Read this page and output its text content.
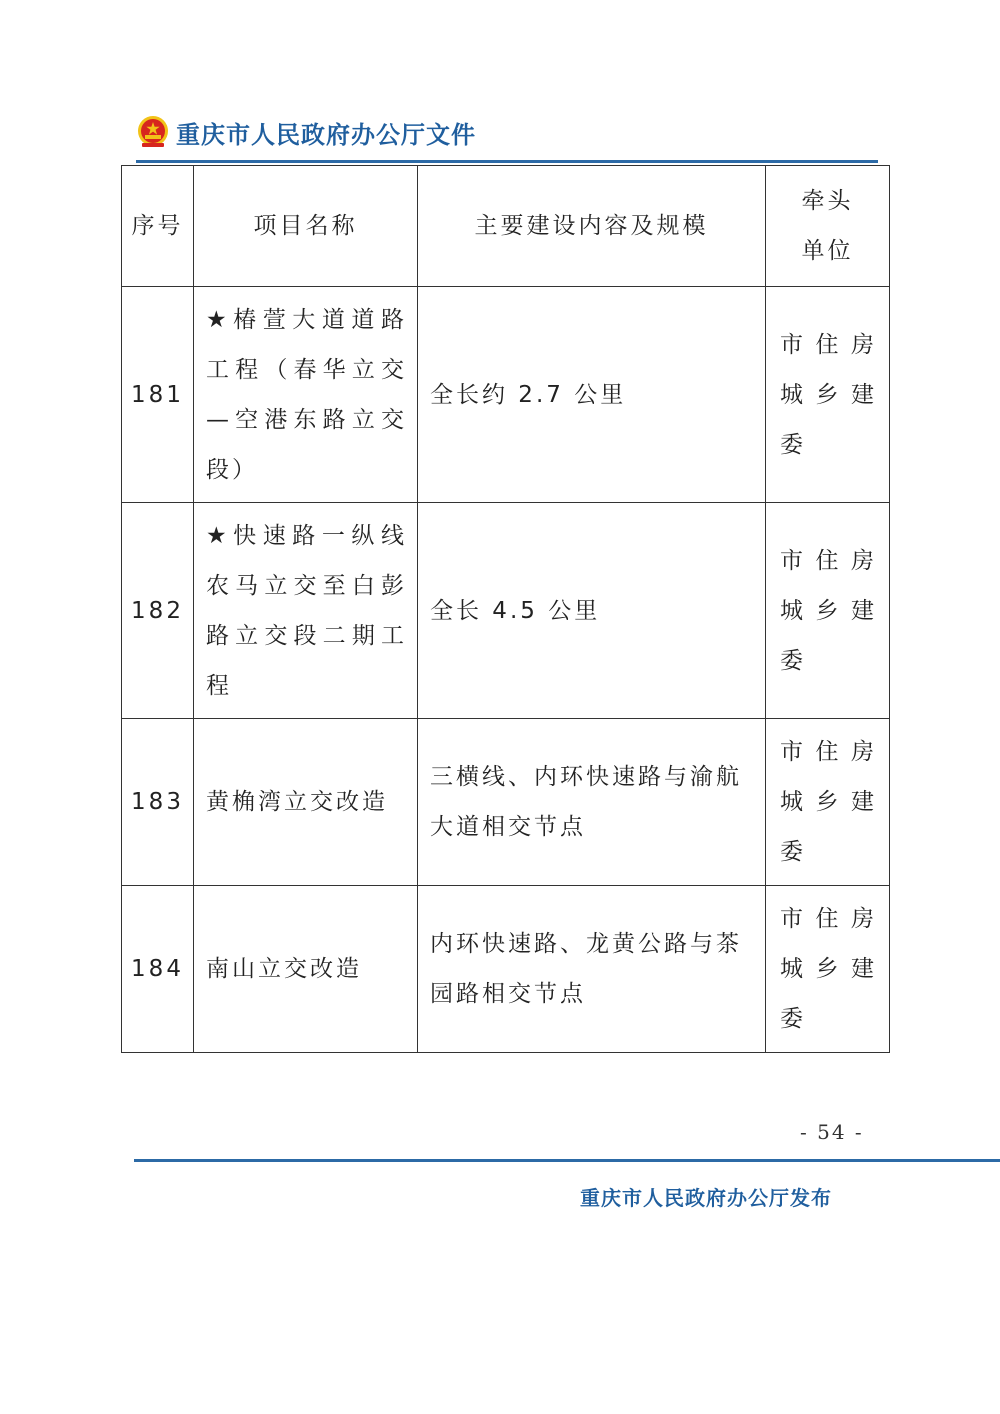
重庆市人民政府办公厅文件
序号	项目名称	主要建设内容及规模	牵头单位
181	★椿萱大道道路工程（春华立交—空港东路立交段）	全长约 2.7 公里	市住房城乡建委
182	★快速路一纵线农马立交至白彭路立交段二期工程	全长 4.5 公里	市住房城乡建委
183	黄桷湾立交改造	三横线、内环快速路与渝航大道相交节点	市住房城乡建委
184	南山立交改造	内环快速路、龙黄公路与茶园路相交节点	市住房城乡建委
- 54 -
重庆市人民政府办公厅发布
